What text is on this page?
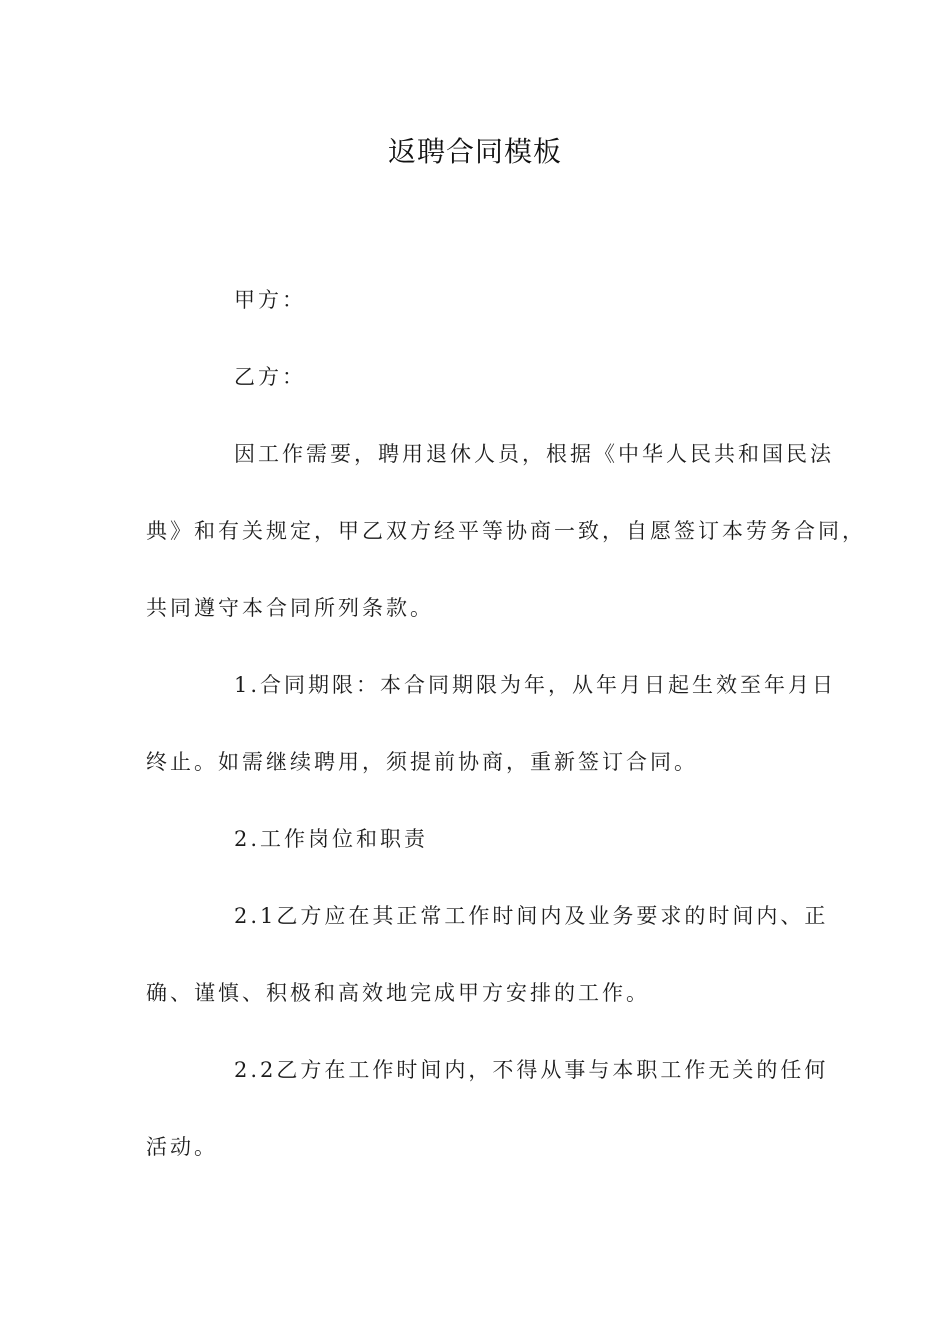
返聘合同模板

甲方：

乙方：

因工作需要，聘用退休人员，根据《中华人民共和国民法
典》和有关规定，甲乙双方经平等协商一致，自愿签订本劳务合同，
共同遵守本合同所列条款。

1.合同期限：本合同期限为年，从年月日起生效至年月日
终止。如需继续聘用，须提前协商，重新签订合同。

2.工作岗位和职责

2.1乙方应在其正常工作时间内及业务要求的时间内、正
确、谨慎、积极和高效地完成甲方安排的工作。

2.2乙方在工作时间内，不得从事与本职工作无关的任何
活动。
